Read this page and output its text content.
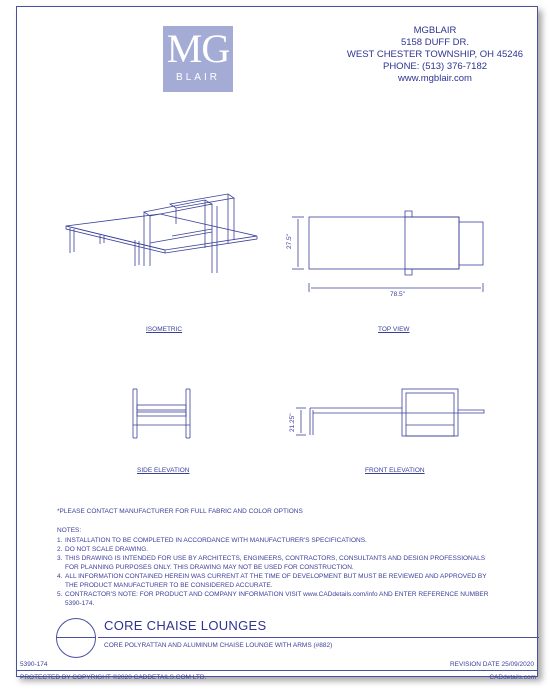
MG
BLAIR
MGBLAIR
5158 DUFF DR.
WEST CHESTER TOWNSHIP, OH 45246
PHONE: (513) 376-7182
www.mgblair.com
27.5"
78.5"
21.25"
ISOMETRIC	TOP VIEW
SIDE ELEVATION	FRONT ELEVATION
*PLEASE CONTACT MANUFACTURER FOR FULL FABRIC AND COLOR OPTIONS
NOTES:
1. INSTALLATION TO BE COMPLETED IN ACCORDANCE WITH MANUFACTURER'S SPECIFICATIONS.
2. DO NOT SCALE DRAWING.
3. THIS DRAWING IS INTENDED FOR USE BY ARCHITECTS, ENGINEERS, CONTRACTORS, CONSULTANTS AND DESIGN PROFESSIONALS FOR PLANNING PURPOSES ONLY. THIS DRAWING MAY NOT BE USED FOR CONSTRUCTION.
4. ALL INFORMATION CONTAINED HEREIN WAS CURRENT AT THE TIME OF DEVELOPMENT BUT MUST BE REVIEWED AND APPROVED BY THE PRODUCT MANUFACTURER TO BE CONSIDERED ACCURATE.
5. CONTRACTOR'S NOTE: FOR PRODUCT AND COMPANY INFORMATION VISIT www.CADdetails.com/info AND ENTER REFERENCE NUMBER 5390-174.
CORE CHAISE LOUNGES
CORE POLYRATTAN AND ALUMINUM CHAISE LOUNGE WITH ARMS (#882)
5390-174	REVISION DATE 25/09/2020
PROTECTED BY COPYRIGHT ©2020 CADDETAILS.COM LTD.	CADdetails.com
